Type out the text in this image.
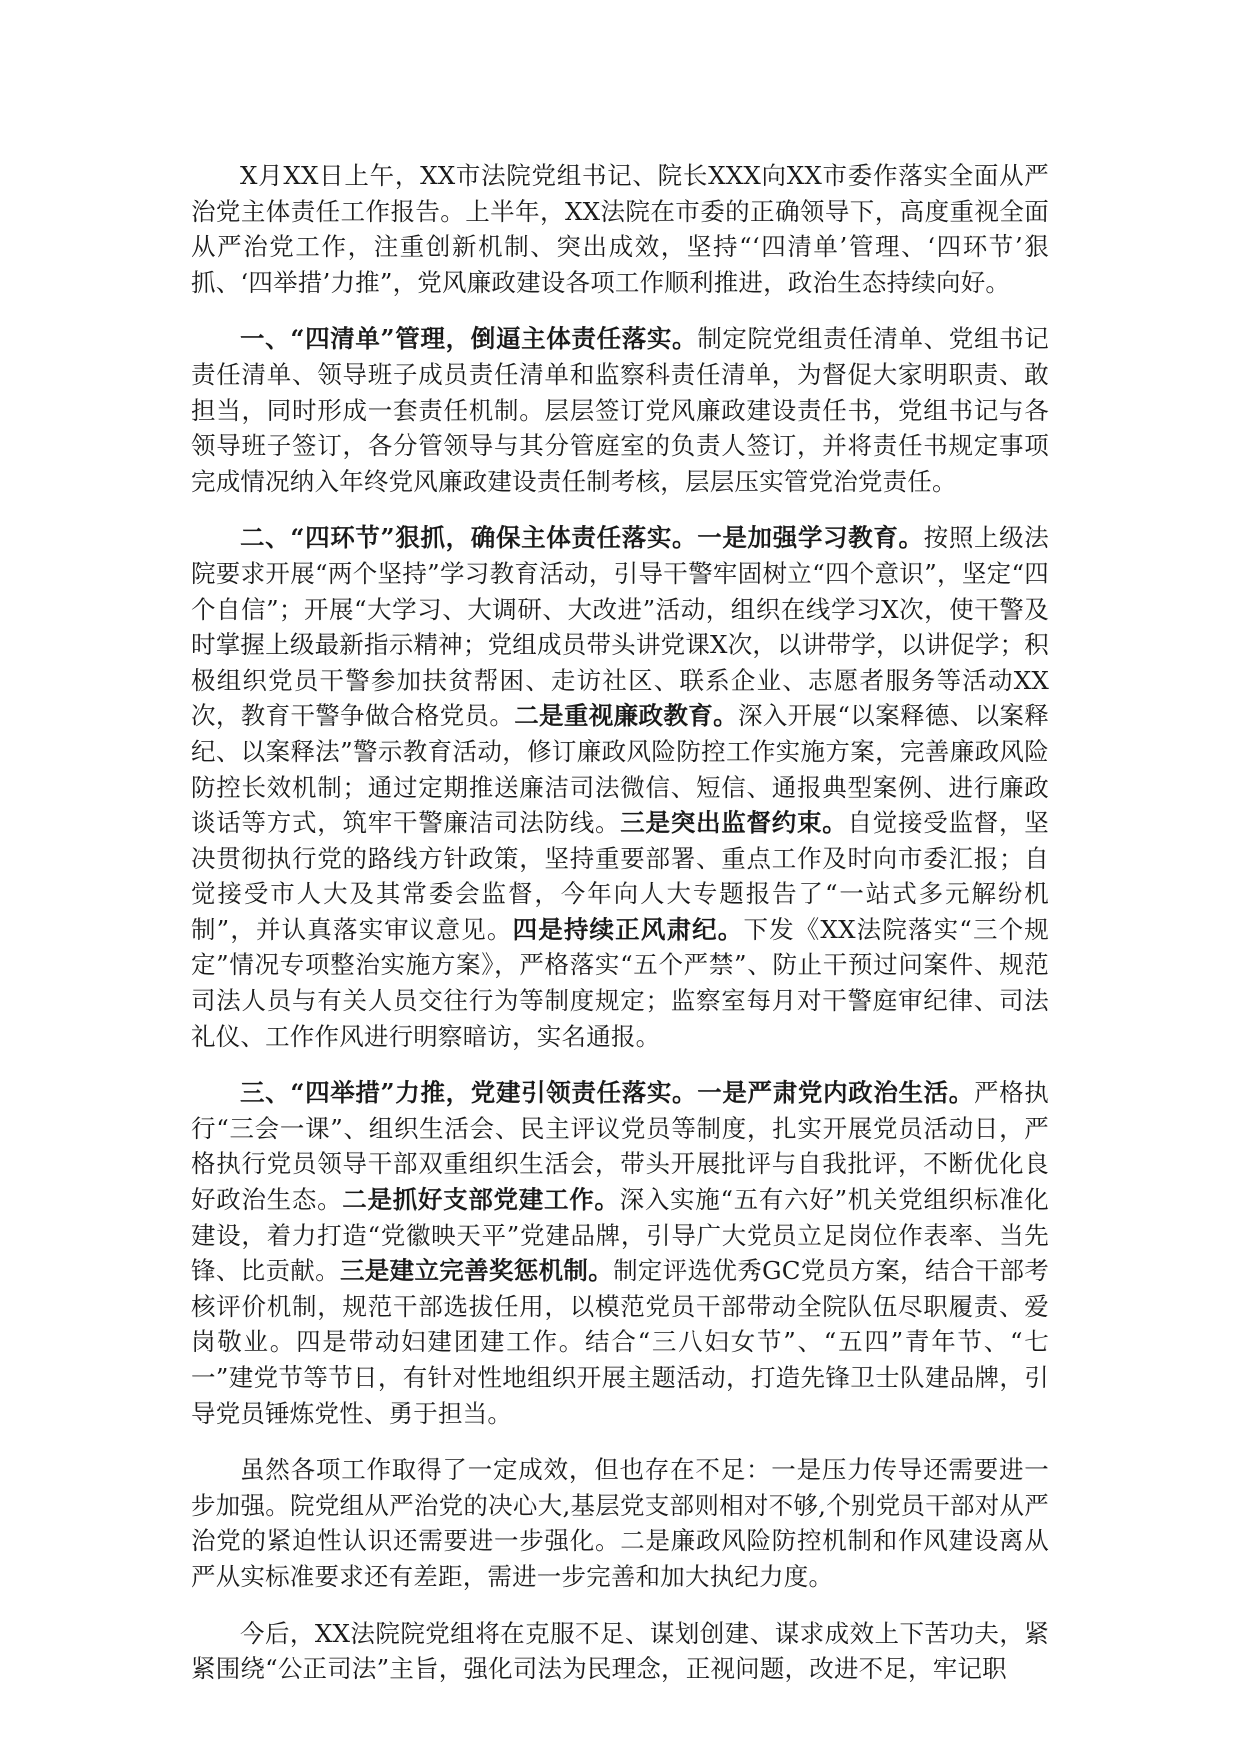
X月XX日上午，XX市法院党组书记、院长XXX向XX市委作落实全面从严治党主体责任工作报告。上半年，XX法院在市委的正确领导下，高度重视全面从严治党工作，注重创新机制、突出成效，坚持“‘四清单’管理、‘四环节’狠抓、‘四举措’力推”，党风廉政建设各项工作顺利推进，政治生态持续向好。

一、“四清单”管理，倒逼主体责任落实。制定院党组责任清单、党组书记责任清单、领导班子成员责任清单和监察科责任清单，为督促大家明职责、敢担当，同时形成一套责任机制。层层签订党风廉政建设责任书，党组书记与各领导班子签订，各分管领导与其分管庭室的负责人签订，并将责任书规定事项完成情况纳入年终党风廉政建设责任制考核，层层压实管党治党责任。

二、“四环节”狠抓，确保主体责任落实。一是加强学习教育。按照上级法院要求开展“两个坚持”学习教育活动，引导干警牢固树立“四个意识”，坚定“四个自信”；开展“大学习、大调研、大改进”活动，组织在线学习X次，使干警及时掌握上级最新指示精神；党组成员带头讲党课X次，以讲带学，以讲促学；积极组织党员干警参加扶贫帮困、走访社区、联系企业、志愿者服务等活动XX次，教育干警争做合格党员。二是重视廉政教育。深入开展“以案释德、以案释纪、以案释法”警示教育活动，修订廉政风险防控工作实施方案，完善廉政风险防控长效机制；通过定期推送廉洁司法微信、短信、通报典型案例、进行廉政谈话等方式，筑牢干警廉洁司法防线。三是突出监督约束。自觉接受监督，坚决贯彻执行党的路线方针政策，坚持重要部署、重点工作及时向市委汇报；自觉接受市人大及其常委会监督，今年向人大专题报告了“一站式多元解纷机制”，并认真落实审议意见。四是持续正风肃纪。下发《XX法院落实“三个规定”情况专项整治实施方案》，严格落实“五个严禁”、防止干预过问案件、规范司法人员与有关人员交往行为等制度规定；监察室每月对干警庭审纪律、司法礼仪、工作作风进行明察暗访，实名通报。

三、“四举措”力推，党建引领责任落实。一是严肃党内政治生活。严格执行“三会一课”、组织生活会、民主评议党员等制度，扎实开展党员活动日，严格执行党员领导干部双重组织生活会，带头开展批评与自我批评，不断优化良好政治生态。二是抓好支部党建工作。深入实施“五有六好”机关党组织标准化建设，着力打造“党徽映天平”党建品牌，引导广大党员立足岗位作表率、当先锋、比贡献。三是建立完善奖惩机制。制定评选优秀GC党员方案，结合干部考核评价机制，规范干部选拔任用，以模范党员干部带动全院队伍尽职履责、爱岗敬业。四是带动妇建团建工作。结合“三八妇女节”、“五四”青年节、“七一”建党节等节日，有针对性地组织开展主题活动，打造先锋卫士队建品牌，引导党员锤炼党性、勇于担当。

虽然各项工作取得了一定成效，但也存在不足：一是压力传导还需要进一步加强。院党组从严治党的决心大,基层党支部则相对不够,个别党员干部对从严治党的紧迫性认识还需要进一步强化。二是廉政风险防控机制和作风建设离从严从实标准要求还有差距，需进一步完善和加大执纪力度。

今后，XX法院院党组将在克服不足、谋划创建、谋求成效上下苦功夫，紧紧围绕“公正司法”主旨，强化司法为民理念，正视问题，改进不足，牢记职
